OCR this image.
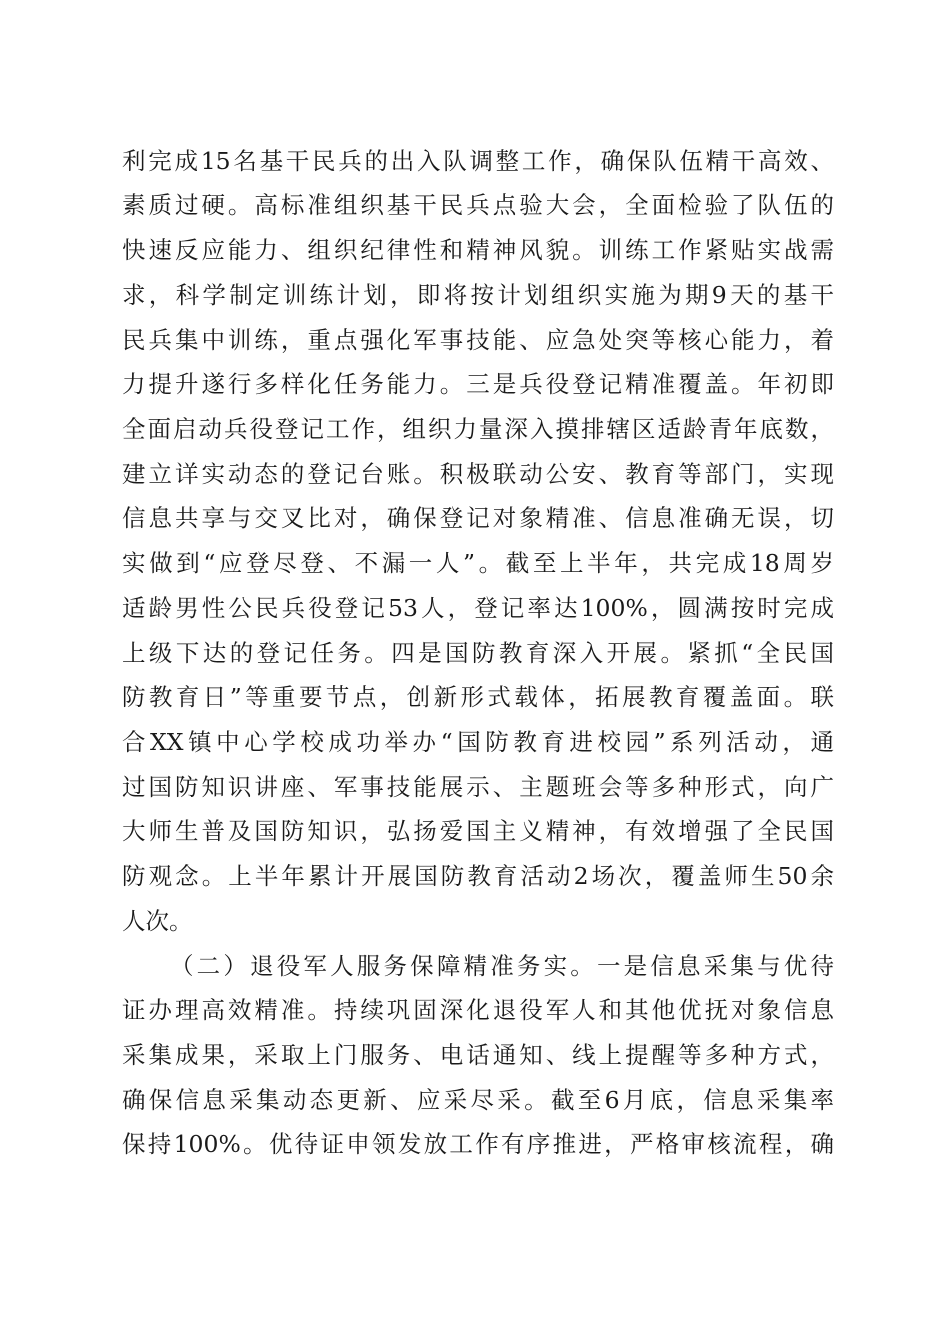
利完成15名基干民兵的出入队调整工作，确保队伍精干高效、
素质过硬。高标准组织基干民兵点验大会，全面检验了队伍的
快速反应能力、组织纪律性和精神风貌。训练工作紧贴实战需
求，科学制定训练计划，即将按计划组织实施为期9天的基干
民兵集中训练，重点强化军事技能、应急处突等核心能力，着
力提升遂行多样化任务能力。三是兵役登记精准覆盖。年初即
全面启动兵役登记工作，组织力量深入摸排辖区适龄青年底数，
建立详实动态的登记台账。积极联动公安、教育等部门，实现
信息共享与交叉比对，确保登记对象精准、信息准确无误，切
实做到“应登尽登、不漏一人”。截至上半年，共完成18周岁
适龄男性公民兵役登记53人，登记率达100%，圆满按时完成
上级下达的登记任务。四是国防教育深入开展。紧抓“全民国
防教育日”等重要节点，创新形式载体，拓展教育覆盖面。联
合XX镇中心学校成功举办“国防教育进校园”系列活动，通
过国防知识讲座、军事技能展示、主题班会等多种形式，向广
大师生普及国防知识，弘扬爱国主义精神，有效增强了全民国
防观念。上半年累计开展国防教育活动2场次，覆盖师生50余
人次。
（二）退役军人服务保障精准务实。一是信息采集与优待
证办理高效精准。持续巩固深化退役军人和其他优抚对象信息
采集成果，采取上门服务、电话通知、线上提醒等多种方式，
确保信息采集动态更新、应采尽采。截至6月底，信息采集率
保持100%。优待证申领发放工作有序推进，严格审核流程，确
